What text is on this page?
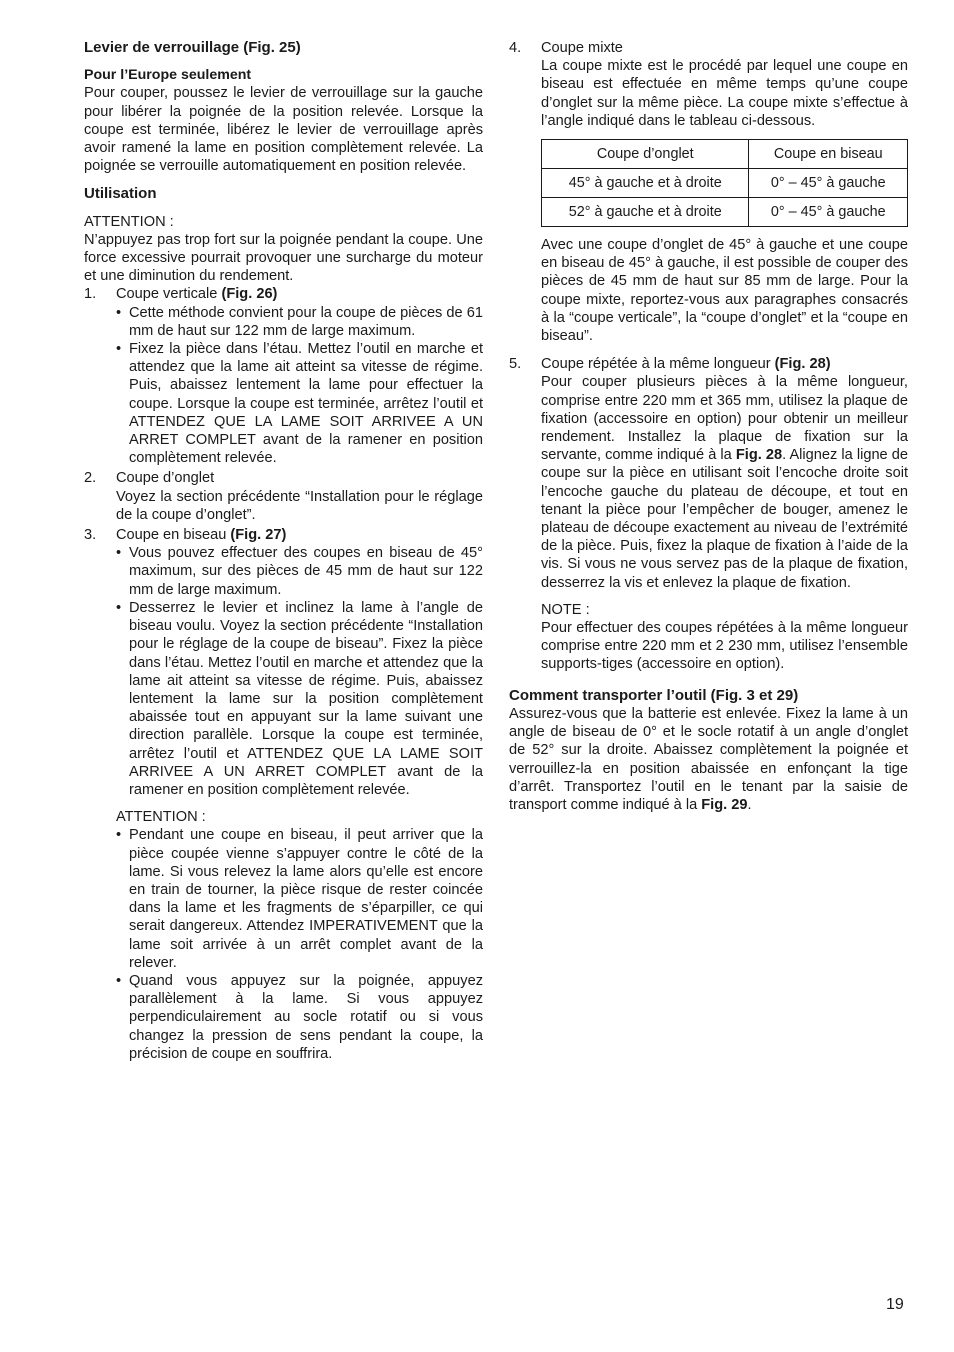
Levier de verrouillage (Fig. 25)
Pour l’Europe seulement

Pour couper, poussez le levier de verrouillage sur la gauche pour libérer la poignée de la position relevée. Lorsque la coupe est terminée, libérez le levier de verrouillage après avoir ramené la lame en position complètement relevée. La poignée se verrouille automatiquement en position relevée.

Utilisation

ATTENTION :

N’appuyez pas trop fort sur la poignée pendant la coupe. Une force excessive pourrait provoquer une surcharge du moteur et une diminution du rendement.

1. Coupe verticale (Fig. 26)
• Cette méthode convient pour la coupe de pièces de 61 mm de haut sur 122 mm de large maximum.
• Fixez la pièce dans l’étau. Mettez l’outil en marche et attendez que la lame ait atteint sa vitesse de régime. Puis, abaissez lentement la lame pour effectuer la coupe. Lorsque la coupe est terminée, arrêtez l’outil et ATTENDEZ QUE LA LAME SOIT ARRIVEE A UN ARRET COMPLET avant de la ramener en position complètement relevée.
2. Coupe d’onglet

Voyez la section précédente “Installation pour le réglage de la coupe d’onglet”.

3. Coupe en biseau (Fig. 27)
• Vous pouvez effectuer des coupes en biseau de 45° maximum, sur des pièces de 45 mm de haut sur 122 mm de large maximum.
• Desserrez le levier et inclinez la lame à l’angle de biseau voulu. Voyez la section précédente “Installation pour le réglage de la coupe de biseau”. Fixez la pièce dans l’étau. Mettez l’outil en marche et attendez que la lame ait atteint sa vitesse de régime. Puis, abaissez lentement la lame sur la position complètement abaissée tout en appuyant sur la lame suivant une direction parallèle. Lorsque la coupe est terminée, arrêtez l’outil et ATTENDEZ QUE LA LAME SOIT ARRIVEE A UN ARRET COMPLET avant de la ramener en position complètement relevée.

ATTENTION :

• Pendant une coupe en biseau, il peut arriver que la pièce coupée vienne s’appuyer contre le côté de la lame. Si vous relevez la lame alors qu’elle est encore en train de tourner, la pièce risque de rester coincée dans la lame et les fragments de s’éparpiller, ce qui serait dangereux. Attendez IMPERATIVEMENT que la lame soit arrivée à un arrêt complet avant de la relever.
• Quand vous appuyez sur la poignée, appuyez parallèlement à la lame. Si vous appuyez perpendiculairement au socle rotatif ou si vous changez la pression de sens pendant la coupe, la précision de coupe en souffrira.
4. Coupe mixte

La coupe mixte est le procédé par lequel une coupe en biseau est effectuée en même temps qu’une coupe d’onglet sur la même pièce. La coupe mixte s’effectue à l’angle indiqué dans le tableau ci-dessous.

Coupe d’onglet	Coupe en biseau
45° à gauche et à droite	0° – 45° à gauche
52° à gauche et à droite	0° – 45° à gauche

Avec une coupe d’onglet de 45° à gauche et une coupe en biseau de 45° à gauche, il est possible de couper des pièces de 45 mm de haut sur 85 mm de large. Pour la coupe mixte, reportez-vous aux paragraphes consacrés à la “coupe verticale”, la “coupe d’onglet” et la “coupe en biseau”.

5. Coupe répétée à la même longueur (Fig. 28)

Pour couper plusieurs pièces à la même longueur, comprise entre 220 mm et 365 mm, utilisez la plaque de fixation (accessoire en option) pour obtenir un meilleur rendement. Installez la plaque de fixation sur la servante, comme indiqué à la Fig. 28. Alignez la ligne de coupe sur la pièce en utilisant soit l’encoche droite soit l’encoche gauche du plateau de découpe, et tout en tenant la pièce pour l’empêcher de bouger, amenez le plateau de découpe exactement au niveau de l’extrémité de la pièce. Puis, fixez la plaque de fixation à l’aide de la vis. Si vous ne vous servez pas de la plaque de fixation, desserrez la vis et enlevez la plaque de fixation.

NOTE :

Pour effectuer des coupes répétées à la même longueur comprise entre 220 mm et 2 230 mm, utilisez l’ensemble supports-tiges (accessoire en option).

Comment transporter l’outil (Fig. 3 et 29)

Assurez-vous que la batterie est enlevée. Fixez la lame à un angle de biseau de 0° et le socle rotatif à un angle d’onglet de 52° sur la droite. Abaissez complètement la poignée et verrouillez-la en position abaissée en enfonçant la tige d’arrêt. Transportez l’outil en le tenant par la saisie de transport comme indiqué à la Fig. 29.

19
